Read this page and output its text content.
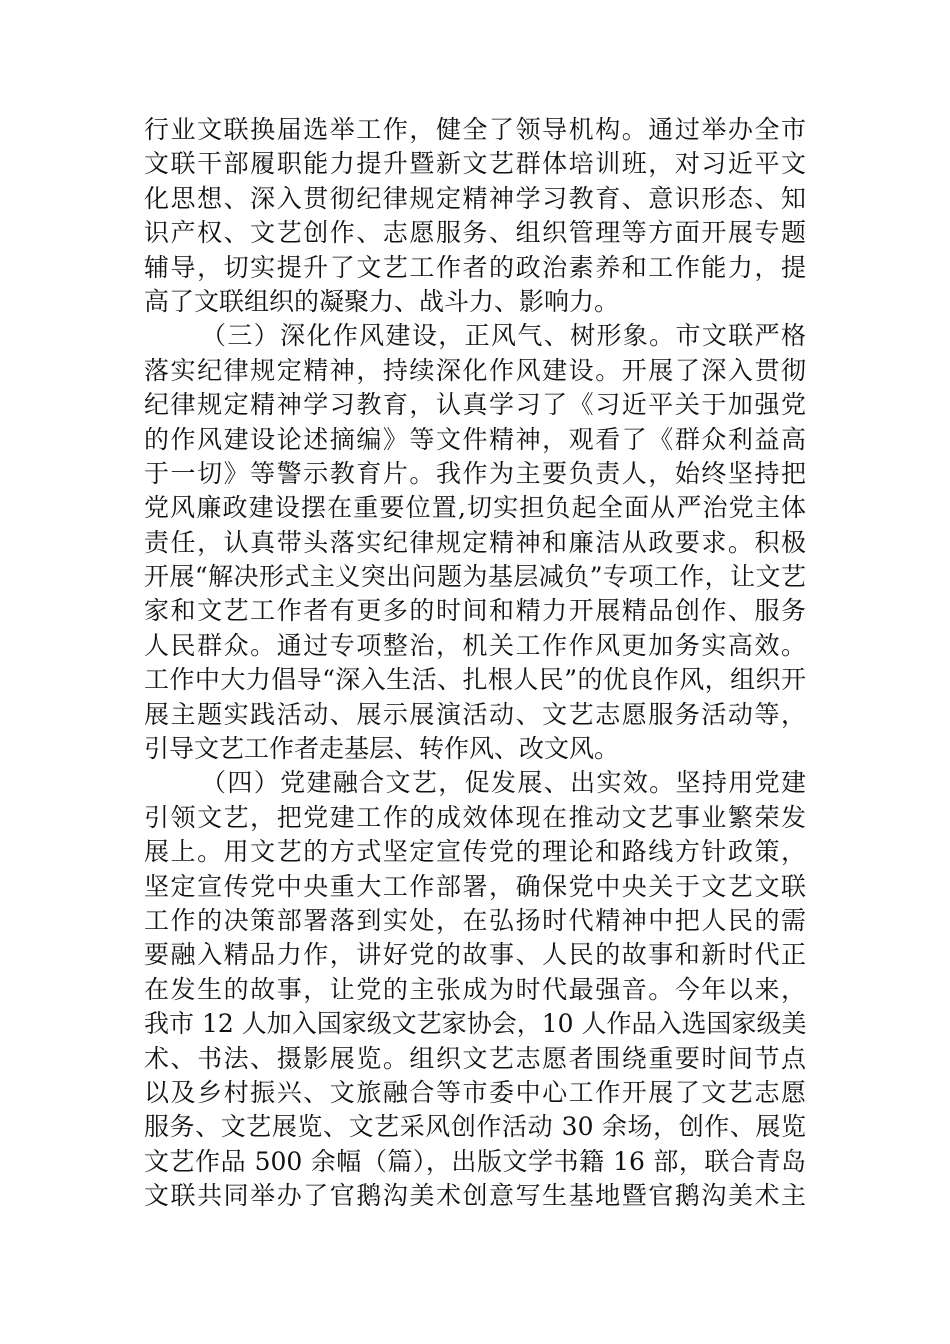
行业文联换届选举工作，健全了领导机构。通过举办全市
文联干部履职能力提升暨新文艺群体培训班，对习近平文
化思想、深入贯彻纪律规定精神学习教育、意识形态、知
识产权、文艺创作、志愿服务、组织管理等方面开展专题
辅导，切实提升了文艺工作者的政治素养和工作能力，提
高了文联组织的凝聚力、战斗力、影响力。
（三）深化作风建设，正风气、树形象。市文联严格
落实纪律规定精神，持续深化作风建设。开展了深入贯彻
纪律规定精神学习教育，认真学习了《习近平关于加强党
的作风建设论述摘编》等文件精神，观看了《群众利益高
于一切》等警示教育片。我作为主要负责人，始终坚持把
党风廉政建设摆在重要位置,切实担负起全面从严治党主体
责任，认真带头落实纪律规定精神和廉洁从政要求。积极
开展“解决形式主义突出问题为基层减负”专项工作，让文艺
家和文艺工作者有更多的时间和精力开展精品创作、服务
人民群众。通过专项整治，机关工作作风更加务实高效。
工作中大力倡导“深入生活、扎根人民”的优良作风，组织开
展主题实践活动、展示展演活动、文艺志愿服务活动等，
引导文艺工作者走基层、转作风、改文风。
（四）党建融合文艺，促发展、出实效。坚持用党建
引领文艺，把党建工作的成效体现在推动文艺事业繁荣发
展上。用文艺的方式坚定宣传党的理论和路线方针政策，
坚定宣传党中央重大工作部署，确保党中央关于文艺文联
工作的决策部署落到实处，在弘扬时代精神中把人民的需
要融入精品力作，讲好党的故事、人民的故事和新时代正
在发生的故事，让党的主张成为时代最强音。今年以来，
我市 12 人加入国家级文艺家协会，10 人作品入选国家级美
术、书法、摄影展览。组织文艺志愿者围绕重要时间节点
以及乡村振兴、文旅融合等市委中心工作开展了文艺志愿
服务、文艺展览、文艺采风创作活动 30 余场，创作、展览
文艺作品 500 余幅（篇），出版文学书籍 16 部，联合青岛
文联共同举办了官鹅沟美术创意写生基地暨官鹅沟美术主
